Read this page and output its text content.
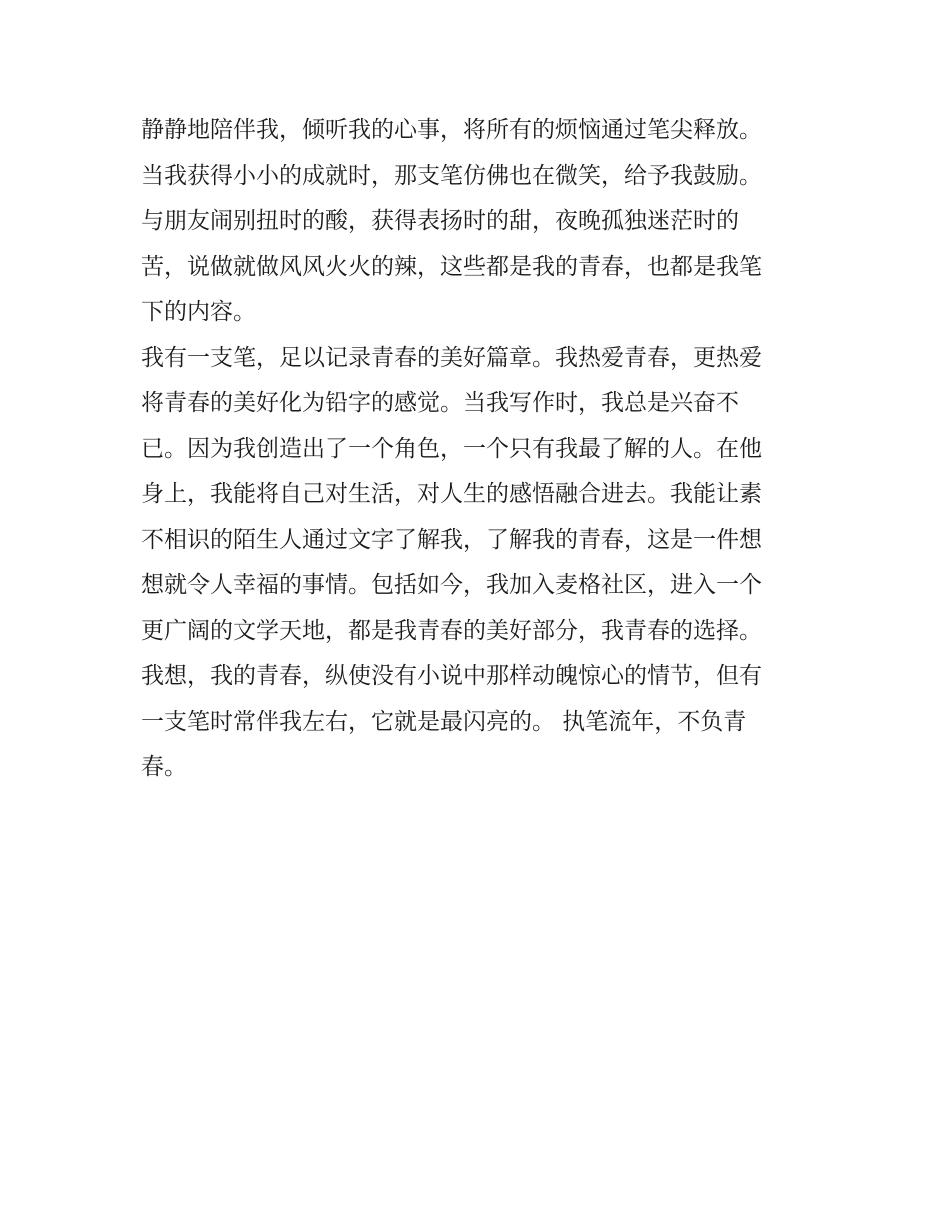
静静地陪伴我，倾听我的心事，将所有的烦恼通过笔尖释放。
当我获得小小的成就时，那支笔仿佛也在微笑，给予我鼓励。
与朋友闹别扭时的酸，获得表扬时的甜，夜晚孤独迷茫时的
苦，说做就做风风火火的辣，这些都是我的青春，也都是我笔
下的内容。
我有一支笔，足以记录青春的美好篇章。我热爱青春，更热爱
将青春的美好化为铅字的感觉。当我写作时，我总是兴奋不
已。因为我创造出了一个角色，一个只有我最了解的人。在他
身上，我能将自己对生活，对人生的感悟融合进去。我能让素
不相识的陌生人通过文字了解我，了解我的青春，这是一件想
想就令人幸福的事情。包括如今，我加入麦格社区，进入一个
更广阔的文学天地，都是我青春的美好部分，我青春的选择。
我想，我的青春，纵使没有小说中那样动魄惊心的情节，但有
一支笔时常伴我左右，它就是最闪亮的。 执笔流年，不负青
春。
